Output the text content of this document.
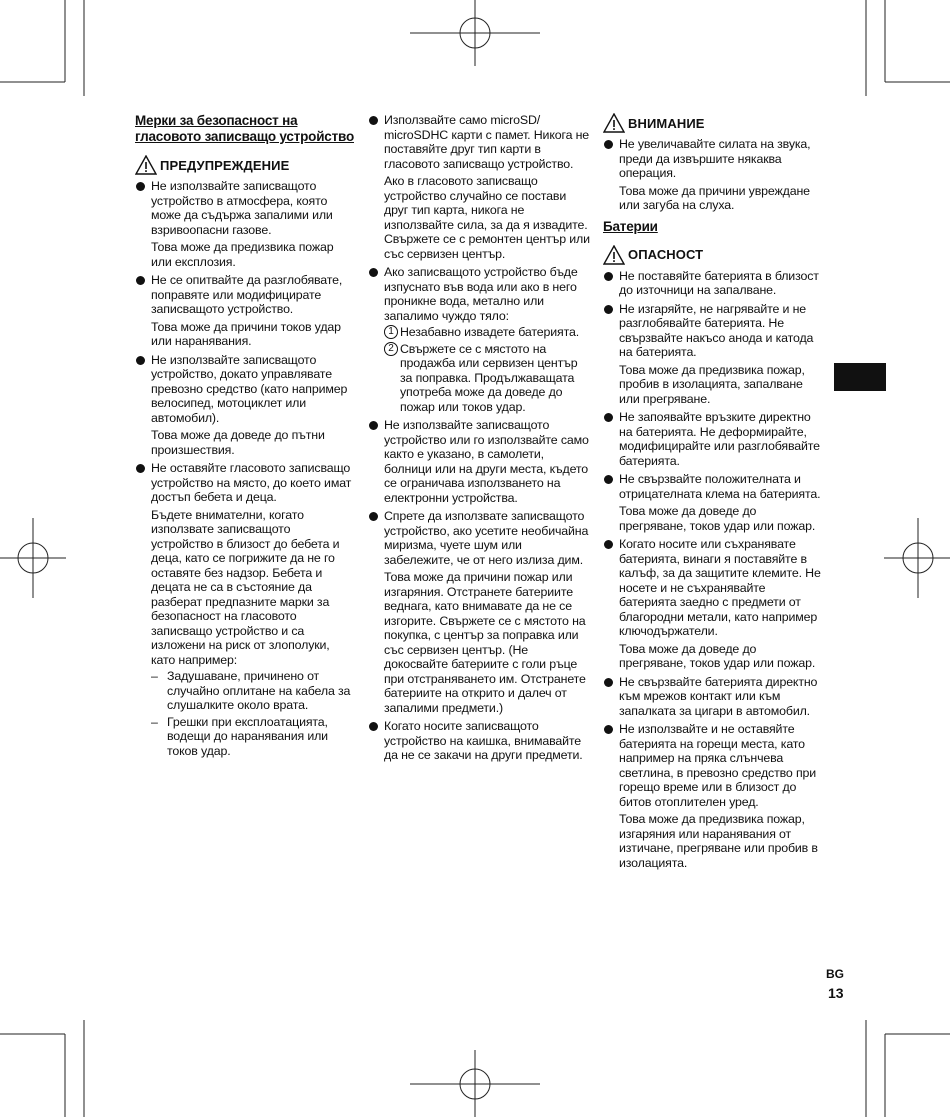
Мерки за безопасност на гласовото записващо устройство
ПРЕДУПРЕЖДЕНИЕ
Не използвайте записващото устройство в атмосфера, която може да съдържа запалими или взривоопасни газове.
Това може да предизвика пожар или експлозия.
Не се опитвайте да разглобявате, поправяте или модифицирате записващото устройство.
Това може да причини токов удар или наранявания.
Не използвайте записващото устройство, докато управлявате превозно средство (като например велосипед, мотоциклет или автомобил).
Това може да доведе до пътни произшествия.
Не оставяйте гласовото записващо устройство на място, до което имат достъп бебета и деца.
Бъдете внимателни, когато използвате записващото устройство в близост до бебета и деца, като се погрижите да не го оставяте без надзор. Бебета и децата не са в състояние да разберат предпазните марки за безопасност на гласовото записващо устройство и са изложени на риск от злополуки, като например:
– Задушаване, причинено от случайно оплитане на кабела за слушалките около врата.
– Грешки при експлоатацията, водещи до наранявания или токов удар.
Използвайте само microSD/ microSDHC карти с памет. Никога не поставяйте друг тип карти в гласовото записващо устройство.
Ако в гласовото записващо устройство случайно се постави друг тип карта, никога не използвайте сила, за да я извадите. Свържете се с ремонтен център или със сервизен център.
Ако записващото устройство бъде изпуснато във вода или ако в него проникне вода, метално или запалимо чуждо тяло:
1 Незабавно извадете батерията.
2 Свържете се с мястото на продажба или сервизен център за поправка. Продължаващата употреба може да доведе до пожар или токов удар.
Не използвайте записващото устройство или го използвайте само както е указано, в самолети, болници или на други места, където се ограничава използването на електронни устройства.
Спрете да използвате записващото устройство, ако усетите необичайна миризма, чуете шум или забележите, че от него излиза дим.
Това може да причини пожар или изгаряния. Отстранете батериите веднага, като внимавате да не се изгорите. Свържете се с мястото на покупка, с център за поправка или със сервизен център. (Не докосвайте батериите с голи ръце при отстраняването им. Отстранете батериите на открито и далеч от запалими предмети.)
Когато носите записващото устройство на каишка, внимавайте да не се закачи на други предмети.
ВНИМАНИЕ
Не увеличавайте силата на звука, преди да извършите някаква операция.
Това може да причини увреждане или загуба на слуха.
Батерии
ОПАСНОСТ
Не поставяйте батерията в близост до източници на запалване.
Не изгаряйте, не нагрявайте и не разглобявайте батерията. Не свързвайте накъсо анода и катода на батерията.
Това може да предизвика пожар, пробив в изолацията, запалване или прегряване.
Не запоявайте връзките директно на батерията. Не деформирайте, модифицирайте или разглобявайте батерията.
Не свързвайте положителната и отрицателната клема на батерията.
Това може да доведе до прегряване, токов удар или пожар.
Когато носите или съхранявате батерията, винаги я поставяйте в калъф, за да защитите клемите. Не носете и не съхранявайте батерията заедно с предмети от благородни метали, като например ключодържатели.
Това може да доведе до прегряване, токов удар или пожар.
Не свързвайте батерията директно към мрежов контакт или към запалката за цигари в автомобил.
Не използвайте и не оставяйте батерията на горещи места, като например на пряка слънчева светлина, в превозно средство при горещо време или в близост до битов отоплителен уред.
Това може да предизвика пожар, изгаряния или наранявания от изтичане, прегряване или пробив в изолацията.
BG
13
